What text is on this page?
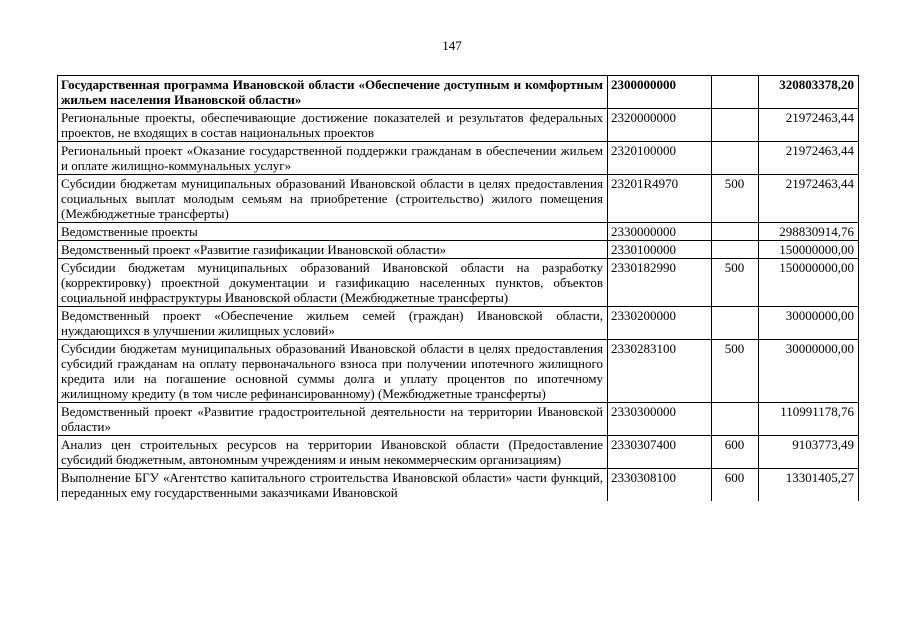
147
Государственная программа Ивановской области «Обеспечение доступным и комфортным жильем населения Ивановской области»	2300000000		320803378,20
Региональные проекты, обеспечивающие достижение показателей и результатов федеральных проектов, не входящих в состав национальных проектов	2320000000		21972463,44
Региональный проект «Оказание государственной поддержки гражданам в обеспечении жильем и оплате жилищно-коммунальных услуг»	2320100000		21972463,44
Субсидии бюджетам муниципальных образований Ивановской области в целях предоставления социальных выплат молодым семьям на приобретение (строительство) жилого помещения (Межбюджетные трансферты)	23201R4970	500	21972463,44
Ведомственные проекты	2330000000		298830914,76
Ведомственный проект «Развитие газификации Ивановской области»	2330100000		150000000,00
Субсидии бюджетам муниципальных образований Ивановской области на разработку (корректировку) проектной документации и газификацию населенных пунктов, объектов социальной инфраструктуры Ивановской области (Межбюджетные трансферты)	2330182990	500	150000000,00
Ведомственный проект «Обеспечение жильем семей (граждан) Ивановской области, нуждающихся в улучшении жилищных условий»	2330200000		30000000,00
Субсидии бюджетам муниципальных образований Ивановской области в целях предоставления субсидий гражданам на оплату первоначального взноса при получении ипотечного жилищного кредита или на погашение основной суммы долга и уплату процентов по ипотечному жилищному кредиту (в том числе рефинансированному) (Межбюджетные трансферты)	2330283100	500	30000000,00
Ведомственный проект «Развитие градостроительной деятельности на территории Ивановской области»	2330300000		110991178,76
Анализ цен строительных ресурсов на территории Ивановской области (Предоставление субсидий бюджетным, автономным учреждениям и иным некоммерческим организациям)	2330307400	600	9103773,49
Выполнение БГУ «Агентство капитального строительства Ивановской области» части функций, переданных ему государственными заказчиками Ивановской	2330308100	600	13301405,27
